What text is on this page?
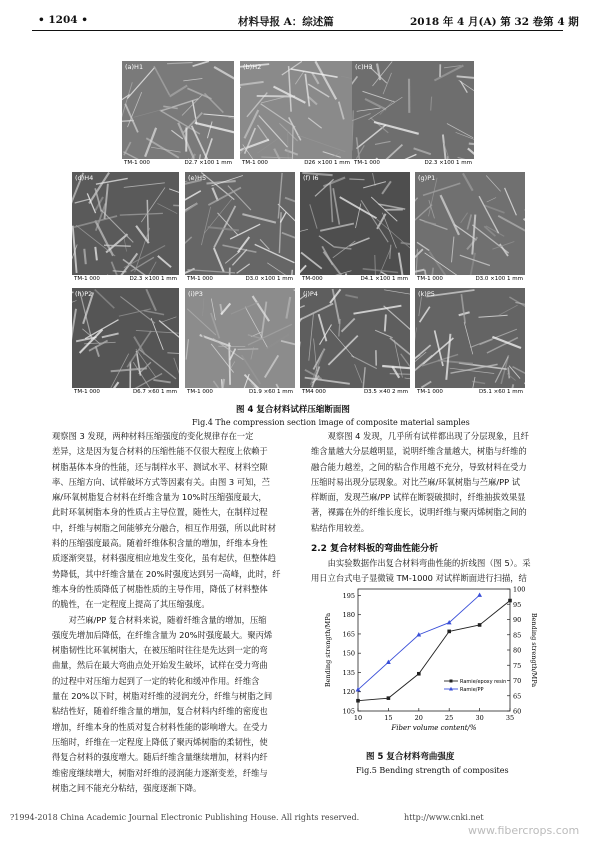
• 1204 •	材料导报 A：综述篇	2018 年 4 月(A) 第 32 卷第 4 期
(a)H1
TM-1 000	D2.7 ×100 1 mm
(b)H2
TM-1 000	D26 ×100 1 mm
(c)H3
TM-1 000	D2.3 ×100 1 mm
(d)H4
TM-1 000	D2.3 ×100 1 mm
(e)H5
TM-1 000	D3.0 ×100 1 mm
(f) I6
TM-000	D4.1 ×100 1 mm
(g)P1
TM-1 000	D3.0 ×100 1 mm
(h)P2
TM-1 000	D6.7 ×60 1 mm
(i)P3
TM-1 000	D1.9 ×60 1 mm
(j)P4
TM4 000	D3.5 ×40 2 mm
(k)P5
TM-1 000	D5.1 ×60 1 mm
图 4 复合材料试样压缩断面图
Fig.4 The compression section image of composite material samples
观察图 3 发现，两种材料压缩强度的变化规律存在一定
差异，这是因为复合材料的压缩性能不仅很大程度上依赖于
树脂基体本身的性能，还与制样水平、测试水平、材料空隙
率、压缩方向、试样破坏方式等因素有关。由图 3 可知，苎
麻/环氧树脂复合材料在纤维含量为 10%时压缩强度最大，
此时环氧树脂本身的性质占主导位置，随性大，在制样过程
中，纤维与树脂之间能够充分融合，相互作用强，所以此时材
料的压缩强度最高。随着纤维体积含量的增加，纤维本身性
质逐渐突显，材料强度相应地发生变化，虽有起伏，但整体趋
势降低，其中纤维含量在 20%时强度达到另一高峰，此时，纤
维本身的性质降低了树脂性质的主导作用，降低了材料整体
的脆性，在一定程度上提高了其压缩强度。
　　对苎麻/PP 复合材料来说，随着纤维含量的增加，压缩
强度先增加后降低，在纤维含量为 20%时强度最大。聚丙烯
树脂韧性比环氧树脂大，在被压缩时往往是先达到一定的弯
曲量，然后在最大弯曲点处开始发生破坏，试样在受力弯曲
的过程中对压缩力起到了一定的转化和缓冲作用。纤维含
量在 20%以下时，树脂对纤维的浸润充分，纤维与树脂之间
粘结性好，随着纤维含量的增加，复合材料内纤维的密度也
增加，纤维本身的性质对复合材料性能的影响增大。在受力
压缩时，纤维在一定程度上降低了聚丙烯树脂的柔韧性，使
得复合材料的强度增大。随后纤维含量继续增加，材料内纤
维密度继续增大，树脂对纤维的浸润能力逐渐变差，纤维与
树脂之间不能充分粘结，强度逐渐下降。
　　观察图 4 发现，几乎所有试样都出现了分层现象，且纤
维含量越大分层越明显，说明纤维含量越大，树脂与纤维的
融合能力越差，之间的粘合作用越不充分，导致材料在受力
压缩时易出现分层现象。对比苎麻/环氧树脂与苎麻/PP 试
样断面，发现苎麻/PP 试样在断裂破损时，纤维抽拔效果显
著，裸露在外的纤维长度长，说明纤维与聚丙烯树脂之间的
粘结作用较差。
2.2 复合材料板的弯曲性能分析
　　由实验数据作出复合材料弯曲性能的折线图（图 5）。采
用日立台式电子显微镜 TM-1000 对试样断面进行扫描，结
105
120
135
150
165
180
195
60
65
70
75
80
85
90
95
100
10	15	20	25	30	35
Fiber volume content/%
Bending strength/MPa	Bending strength/MPa
Ramie/epoxy resin
Ramie/PP
图 5 复合材料弯曲强度
Fig.5 Bending strength of composites
?1994-2018 China Academic Journal Electronic Publishing House. All rights reserved.	http://www.cnki.net
www.fibercrops.com
